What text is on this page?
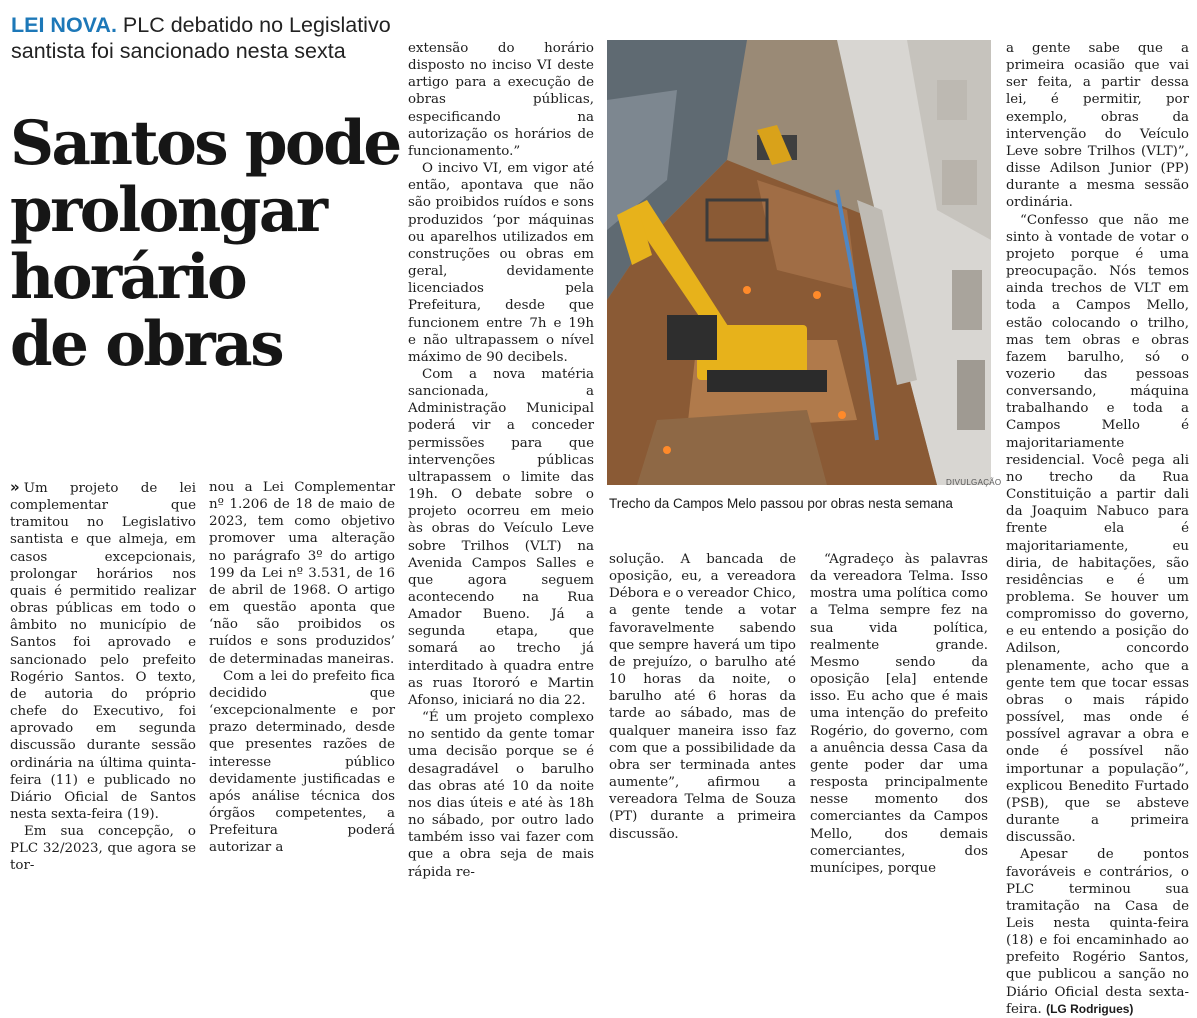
LEI NOVA. PLC debatido no Legislativo santista foi sancionado nesta sexta
Santos pode
prolongar
horário
de obras

» Um projeto de lei complementar que tramitou no Legislativo santista e que almeja, em casos excepcionais, prolongar horários nos quais é permitido realizar obras públicas em todo o âmbito no município de Santos foi aprovado e sancionado pelo prefeito Rogério Santos. O texto, de autoria do próprio chefe do Executivo, foi aprovado em segunda discussão durante sessão ordinária na última quinta-feira (11) e publicado no Diário Oficial de Santos nesta sexta-feira (19).

Em sua concepção, o PLC 32/2023, que agora se tor-

nou a Lei Complementar nº 1.206 de 18 de maio de 2023, tem como objetivo promover uma alteração no parágrafo 3º do artigo 199 da Lei nº 3.531, de 16 de abril de 1968. O artigo em questão aponta que ‘não são proibidos os ruídos e sons produzidos’ de determinadas maneiras.

Com a lei do prefeito fica decidido que ‘excepcionalmente e por prazo determinado, desde que presentes razões de interesse público devidamente justificadas e após análise técnica dos órgãos competentes, a Prefeitura poderá autorizar a

extensão do horário disposto no inciso VI deste artigo para a execução de obras públicas, especificando na autorização os horários de funcionamento.”

O incivo VI, em vigor até então, apontava que não são proibidos ruídos e sons produzidos ‘por máquinas ou aparelhos utilizados em construções ou obras em geral, devidamente licenciados pela Prefeitura, desde que funcionem entre 7h e 19h e não ultrapassem o nível máximo de 90 decibels.

Com a nova matéria sancionada, a Administração Municipal poderá vir a conceder permissões para que intervenções públicas ultrapassem o limite das 19h. O debate sobre o projeto ocorreu em meio às obras do Veículo Leve sobre Trilhos (VLT) na Avenida Campos Salles e que agora seguem acontecendo na Rua Amador Bueno. Já a segunda etapa, que somará ao trecho já interditado à quadra entre as ruas Itororó e Martin Afonso, iniciará no dia 22.

“É um projeto complexo no sentido da gente tomar uma decisão porque se é desagradável o barulho das obras até 10 da noite nos dias úteis e até às 18h no sábado, por outro lado também isso vai fazer com que a obra seja de mais rápida re-

DIVULGAÇÃO
Trecho da Campos Melo passou por obras nesta semana

solução. A bancada de oposição, eu, a vereadora Débora e o vereador Chico, a gente tende a votar favoravelmente sabendo que sempre haverá um tipo de prejuízo, o barulho até 10 horas da noite, o barulho até 6 horas da tarde ao sábado, mas de qualquer maneira isso faz com que a possibilidade da obra ser terminada antes aumente”, afirmou a vereadora Telma de Souza (PT) durante a primeira discussão.

“Agradeço às palavras da vereadora Telma. Isso mostra uma política como a Telma sempre fez na sua vida política, realmente grande. Mesmo sendo da oposição [ela] entende isso. Eu acho que é mais uma intenção do prefeito Rogério, do governo, com a anuência dessa Casa da gente poder dar uma resposta principalmente nesse momento dos comerciantes da Campos Mello, dos demais comerciantes, dos munícipes, porque

a gente sabe que a primeira ocasião que vai ser feita, a partir dessa lei, é permitir, por exemplo, obras da intervenção do Veículo Leve sobre Trilhos (VLT)”, disse Adilson Junior (PP) durante a mesma sessão ordinária.

“Confesso que não me sinto à vontade de votar o projeto porque é uma preocupação. Nós temos ainda trechos de VLT em toda a Campos Mello, estão colocando o trilho, mas tem obras e obras fazem barulho, só o vozerio das pessoas conversando, máquina trabalhando e toda a Campos Mello é majoritariamente residencial. Você pega ali no trecho da Rua Constituição a partir dali da Joaquim Nabuco para frente ela é majoritariamente, eu diria, de habitações, são residências e é um problema. Se houver um compromisso do governo, e eu entendo a posição do Adilson, concordo plenamente, acho que a gente tem que tocar essas obras o mais rápido possível, mas onde é possível agravar a obra e onde é possível não importunar a população”, explicou Benedito Furtado (PSB), que se absteve durante a primeira discussão.

Apesar de pontos favoráveis e contrários, o PLC terminou sua tramitação na Casa de Leis nesta quinta-feira (18) e foi encaminhado ao prefeito Rogério Santos, que publicou a sanção no Diário Oficial desta sexta-feira. (LG Rodrigues)
